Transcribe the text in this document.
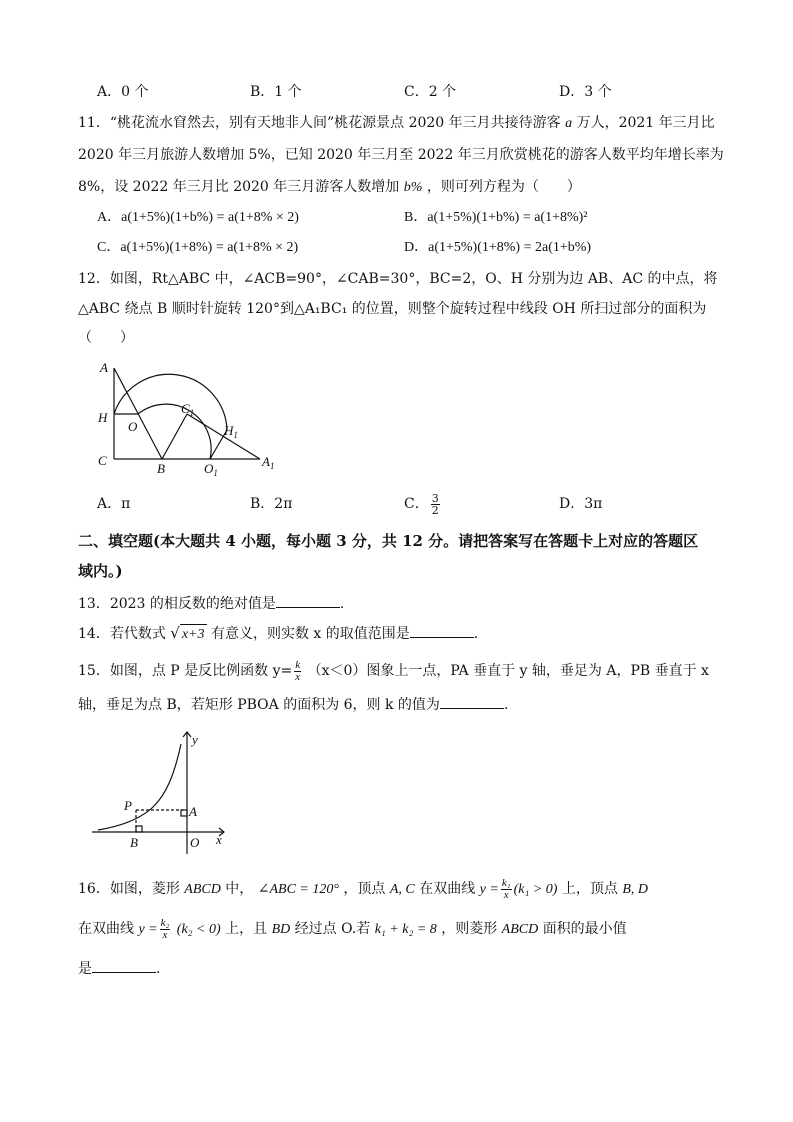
A．0 个	B．1 个	C．2 个	D．3 个
11．“桃花流水窅然去，别有天地非人间”桃花源景点 2020 年三月共接待游客 a 万人，2021 年三月比
2020 年三月旅游人数增加 5%，已知 2020 年三月至 2022 年三月欣赏桃花的游客人数平均年增长率为
8%，设 2022 年三月比 2020 年三月游客人数增加 b% ，则可列方程为（　　）
A．a(1+5%)(1+b%) = a(1+8% × 2)	B．a(1+5%)(1+b%) = a(1+8%)²
C．a(1+5%)(1+8%) = a(1+8% × 2)	D．a(1+5%)(1+8%) = 2a(1+b%)
12．如图，Rt△ABC 中，∠ACB=90°，∠CAB=30°，BC=2，O、H 分别为边 AB、AC 的中点，将
△ABC 绕点 B 顺时针旋转 120°到△A₁BC₁ 的位置，则整个旋转过程中线段 OH 所扫过部分的面积为
（　　）
A
H
O
C
B
$C_1$
$H_1$
$O_1$
$A_1$
A．π	B．2π	C． $\frac{3}{2}$	D．3π
二、填空题(本大题共 4 小题，每小题 3 分，共 12 分。请把答案写在答题卡上对应的答题区
域内。)
13．2023 的相反数的绝对值是	.
14．若代数式 √ x+3 有意义，则实数 x 的取值范围是	.
15．如图，点 P 是反比例函数 $y= \frac{k}{x} (x<0)$图象上一点，PA 垂直于 y 轴，垂足为 A，PB 垂直于 x
轴，垂足为点 B，若矩形 PBOA 的面积为 6，则 k 的值为	.
y
x
P	A
B	O
16．如图，菱形 ABCD 中， ∠ABC = 120° ，顶点 A, C 在双曲线 $y = \frac{\text{k₁}}{x} (k_1 > 0)$ 上，顶点 B, D
在双曲线 $y = \frac{\text{k₂}}{x} (k_2 < 0)$ 上，且 BD 经过点 O.若 k₁ + k₂ = 8 ，则菱形 ABCD 面积的最小值
是	.
